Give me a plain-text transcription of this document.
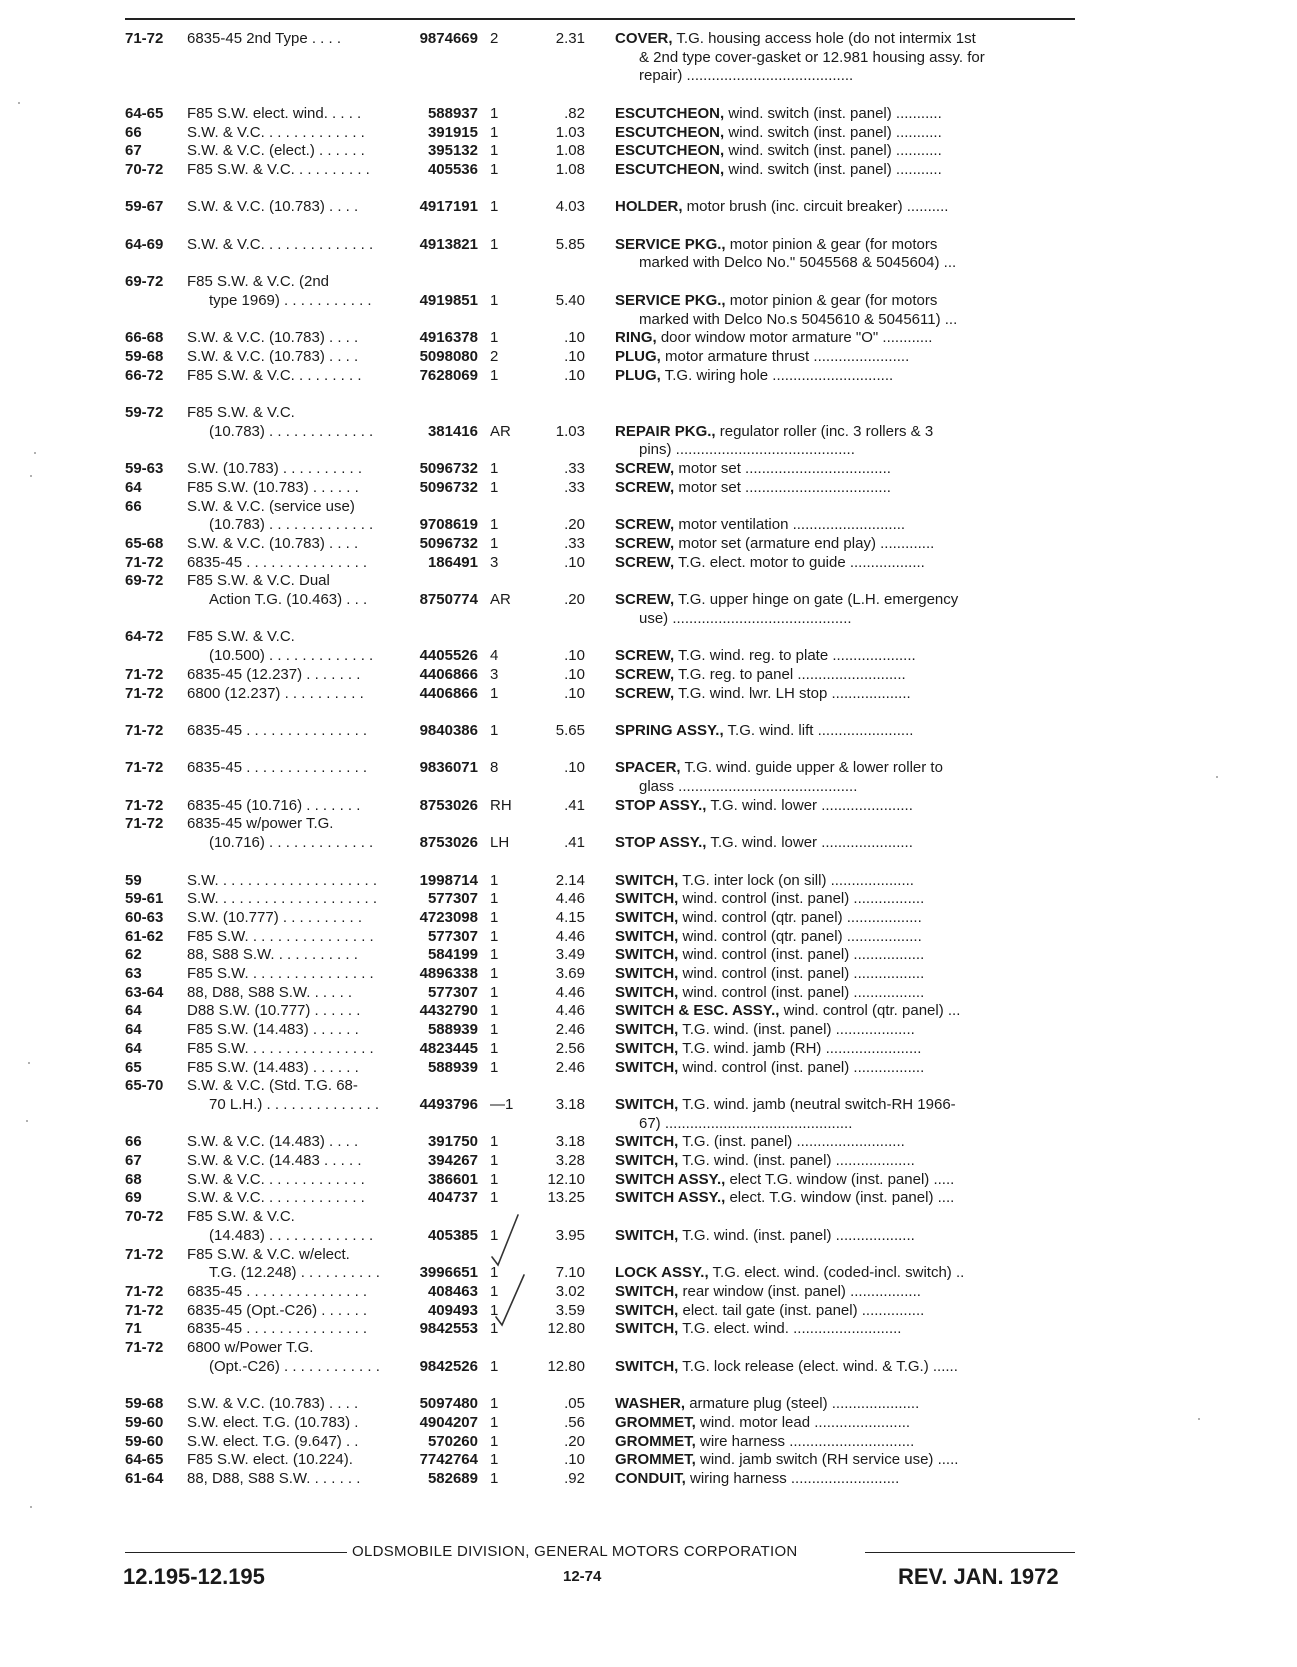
71-72	6835-45 2nd Type . . . .	9874669 2	2.31 COVER, T.G. housing access hole (do not intermix 1st
& 2nd type cover-gasket or 12.981 housing assy. for
repair) ........................................
64-65	F85 S.W. elect. wind. . . . .	588937 1	.82 ESCUTCHEON, wind. switch (inst. panel) ...........
66	S.W. & V.C. . . . . . . . . . . . .	391915 1	1.03 ESCUTCHEON, wind. switch (inst. panel) ...........
67	S.W. & V.C. (elect.) . . . . . .	395132 1	1.08 ESCUTCHEON, wind. switch (inst. panel) ...........
70-72	F85 S.W. & V.C. . . . . . . . . .	405536 1	1.08 ESCUTCHEON, wind. switch (inst. panel) ...........
59-67	S.W. & V.C. (10.783) . . . .	4917191 1	4.03 HOLDER, motor brush (inc. circuit breaker) ..........
64-69	S.W. & V.C. . . . . . . . . . . . . .	4913821 1	5.85 SERVICE PKG., motor pinion & gear (for motors
marked with Delco No." 5045568 & 5045604) ...
69-72	F85 S.W. & V.C. (2nd
type 1969) . . . . . . . . . . .	4919851 1	5.40 SERVICE PKG., motor pinion & gear (for motors
marked with Delco No.s 5045610 & 5045611) ...
66-68	S.W. & V.C. (10.783) . . . .	4916378 1	.10 RING, door window motor armature "O" ............
59-68	S.W. & V.C. (10.783) . . . .	5098080 2	.10 PLUG, motor armature thrust .......................
66-72	F85 S.W. & V.C. . . . . . . . .	7628069 1	.10 PLUG, T.G. wiring hole .............................
59-72	F85 S.W. & V.C.
(10.783) . . . . . . . . . . . . .	381416 AR	1.03 REPAIR PKG., regulator roller (inc. 3 rollers & 3
pins) ...........................................
59-63	S.W. (10.783) . . . . . . . . . .	5096732 1	.33 SCREW, motor set ...................................
64	F85 S.W. (10.783) . . . . . .	5096732 1	.33 SCREW, motor set ...................................
66	S.W. & V.C. (service use)
(10.783) . . . . . . . . . . . . .	9708619 1	.20 SCREW, motor ventilation ...........................
65-68	S.W. & V.C. (10.783) . . . .	5096732 1	.33 SCREW, motor set (armature end play) .............
71-72	6835-45 . . . . . . . . . . . . . . .	186491 3	.10 SCREW, T.G. elect. motor to guide ..................
69-72	F85 S.W. & V.C. Dual
Action T.G. (10.463) . . .	8750774 AR	.20 SCREW, T.G. upper hinge on gate (L.H. emergency
use) ...........................................
64-72	F85 S.W. & V.C.
(10.500) . . . . . . . . . . . . .	4405526 4	.10 SCREW, T.G. wind. reg. to plate ....................
71-72	6835-45 (12.237) . . . . . . .	4406866 3	.10 SCREW, T.G. reg. to panel ..........................
71-72	6800 (12.237) . . . . . . . . . .	4406866 1	.10 SCREW, T.G. wind. lwr. LH stop ...................
71-72	6835-45 . . . . . . . . . . . . . . .	9840386 1	5.65 SPRING ASSY., T.G. wind. lift .......................
71-72	6835-45 . . . . . . . . . . . . . . .	9836071 8	.10 SPACER, T.G. wind. guide upper & lower roller to
glass ...........................................
71-72	6835-45 (10.716) . . . . . . .	8753026 RH	.41 STOP ASSY., T.G. wind. lower ......................
71-72	6835-45 w/power T.G.
(10.716) . . . . . . . . . . . . .	8753026 LH	.41 STOP ASSY., T.G. wind. lower ......................
59	S.W. . . . . . . . . . . . . . . . . . . .	1998714 1	2.14 SWITCH, T.G. inter lock (on sill) ....................
59-61	S.W. . . . . . . . . . . . . . . . . . . .	577307 1	4.46 SWITCH, wind. control (inst. panel) .................
60-63	S.W. (10.777) . . . . . . . . . .	4723098 1	4.15 SWITCH, wind. control (qtr. panel) ..................
61-62	F85 S.W. . . . . . . . . . . . . . . .	577307 1	4.46 SWITCH, wind. control (qtr. panel) ..................
62	88, S88 S.W. . . . . . . . . . .	584199 1	3.49 SWITCH, wind. control (inst. panel) .................
63	F85 S.W. . . . . . . . . . . . . . . .	4896338 1	3.69 SWITCH, wind. control (inst. panel) .................
63-64	88, D88, S88 S.W. . . . . .	577307 1	4.46 SWITCH, wind. control (inst. panel) .................
64	D88 S.W. (10.777) . . . . . .	4432790 1	4.46 SWITCH & ESC. ASSY., wind. control (qtr. panel) ...
64	F85 S.W. (14.483) . . . . . .	588939 1	2.46 SWITCH, T.G. wind. (inst. panel) ...................
64	F85 S.W. . . . . . . . . . . . . . . .	4823445 1	2.56 SWITCH, T.G. wind. jamb (RH) .......................
65	F85 S.W. (14.483) . . . . . .	588939 1	2.46 SWITCH, wind. control (inst. panel) .................
65-70	S.W. & V.C. (Std. T.G. 68-
70 L.H.) . . . . . . . . . . . . . .	4493796 —1	3.18 SWITCH, T.G. wind. jamb (neutral switch-RH 1966-
67) .............................................
66	S.W. & V.C. (14.483) . . . .	391750 1	3.18 SWITCH, T.G. (inst. panel) ..........................
67	S.W. & V.C. (14.483 . . . . .	394267 1	3.28 SWITCH, T.G. wind. (inst. panel) ...................
68	S.W. & V.C. . . . . . . . . . . . .	386601 1	12.10 SWITCH ASSY., elect T.G. window (inst. panel) .....
69	S.W. & V.C. . . . . . . . . . . . .	404737 1	13.25 SWITCH ASSY., elect. T.G. window (inst. panel) ....
70-72	F85 S.W. & V.C.
(14.483) . . . . . . . . . . . . .	405385 1	3.95 SWITCH, T.G. wind. (inst. panel) ...................
71-72	F85 S.W. & V.C. w/elect.
T.G. (12.248) . . . . . . . . . .	3996651 1	7.10 LOCK ASSY., T.G. elect. wind. (coded-incl. switch) ..
71-72	6835-45 . . . . . . . . . . . . . . .	408463 1	3.02 SWITCH, rear window (inst. panel) .................
71-72	6835-45 (Opt.-C26) . . . . . .	409493 1	3.59 SWITCH, elect. tail gate (inst. panel) ...............
71	6835-45 . . . . . . . . . . . . . . .	9842553 1	12.80 SWITCH, T.G. elect. wind. ..........................
71-72	6800 w/Power T.G.
(Opt.-C26) . . . . . . . . . . . .	9842526 1	12.80 SWITCH, T.G. lock release (elect. wind. & T.G.) ......
59-68	S.W. & V.C. (10.783) . . . .	5097480 1	.05 WASHER, armature plug (steel) .....................
59-60	S.W. elect. T.G. (10.783) .	4904207 1	.56 GROMMET, wind. motor lead .......................
59-60	S.W. elect. T.G. (9.647) . .	570260 1	.20 GROMMET, wire harness ..............................
64-65	F85 S.W. elect. (10.224).	7742764 1	.10 GROMMET, wind. jamb switch (RH service use) .....
61-64	88, D88, S88 S.W. . . . . . .	582689 1	.92 CONDUIT, wiring harness ..........................
OLDSMOBILE DIVISION, GENERAL MOTORS CORPORATION
12.195-12.195	12-74	REV. JAN. 1972
